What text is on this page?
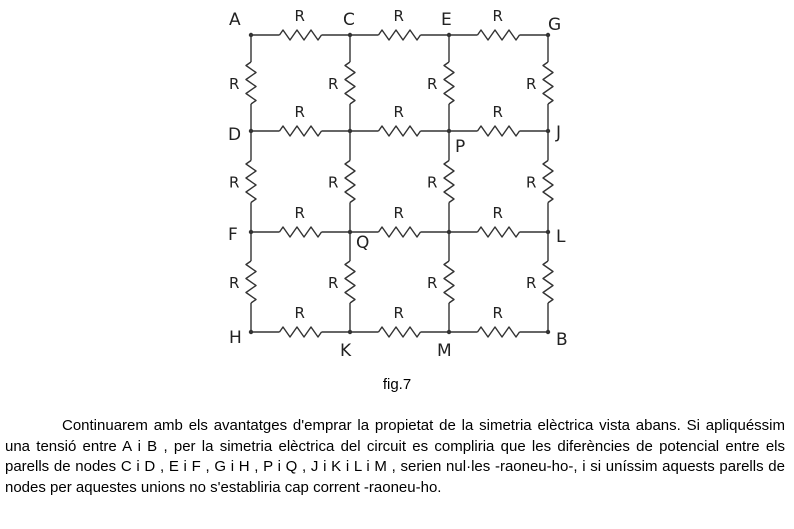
R	R	R
R	R	R
R	R	R
R	R	R
R
R
R
R
R
R
R
R
R
R
R
R
A	C	E	G
D
P
J
F	Q	L
H
K	M
B
fig.7

Continuarem amb els avantatges d'emprar la propietat de la simetria elèctrica vista abans. Si apliquéssim una tensió entre A i B , per la simetria elèctrica del circuit es compliria que les diferències de potencial entre els parells de nodes C i D , E i F , G i H , P i Q , J i K i L i M , serien nul·les -raoneu-ho-, i si uníssim aquests parells de nodes per aquestes unions no s'establiria cap corrent -raoneu-ho.
